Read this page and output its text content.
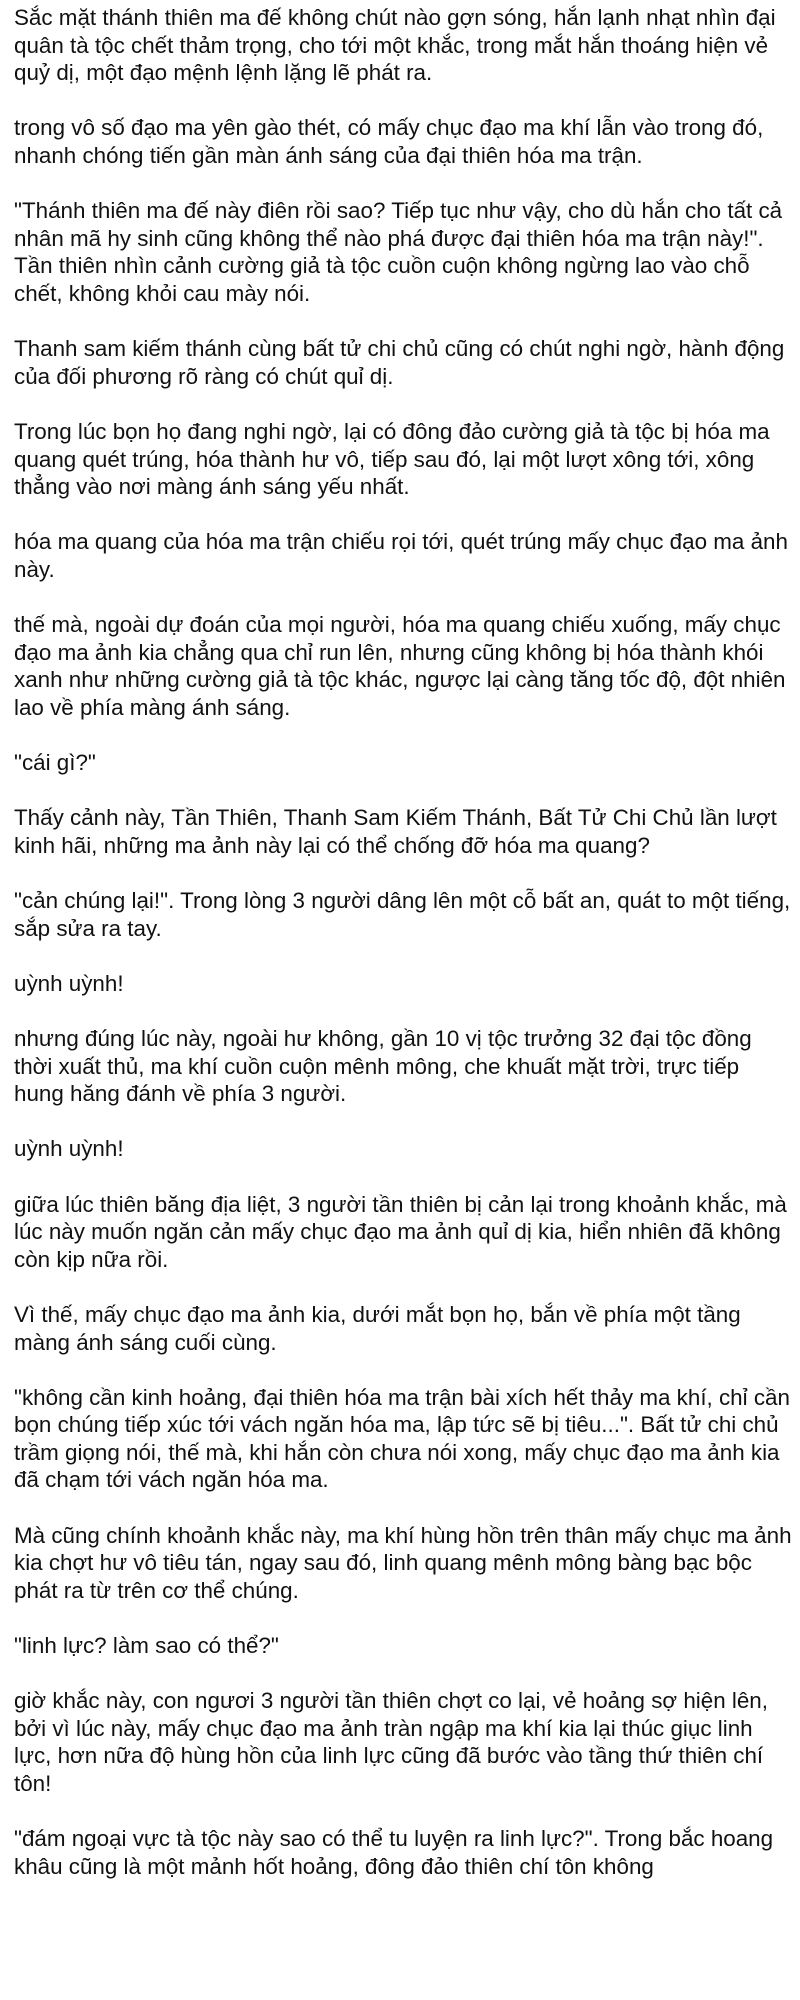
Sắc mặt thánh thiên ma đế không chút nào gợn sóng, hắn lạnh nhạt nhìn đại quân tà tộc chết thảm trọng, cho tới một khắc, trong mắt hắn thoáng hiện vẻ quỷ dị, một đạo mệnh lệnh lặng lẽ phát ra.

trong vô số đạo ma yên gào thét, có mấy chục đạo ma khí lẫn vào trong đó, nhanh chóng tiến gần màn ánh sáng của đại thiên hóa ma trận.

"Thánh thiên ma đế này điên rồi sao? Tiếp tục như vậy, cho dù hắn cho tất cả nhân mã hy sinh cũng không thể nào phá được đại thiên hóa ma trận này!". Tần thiên nhìn cảnh cường giả tà tộc cuồn cuộn không ngừng lao vào chỗ chết, không khỏi cau mày nói.

Thanh sam kiếm thánh cùng bất tử chi chủ cũng có chút nghi ngờ, hành động của đối phương rõ ràng có chút quỉ dị.

Trong lúc bọn họ đang nghi ngờ, lại có đông đảo cường giả tà tộc bị hóa ma quang quét trúng, hóa thành hư vô, tiếp sau đó, lại một lượt xông tới, xông thẳng vào nơi màng ánh sáng yếu nhất.

hóa ma quang của hóa ma trận chiếu rọi tới, quét trúng mấy chục đạo ma ảnh này.

thế mà, ngoài dự đoán của mọi người, hóa ma quang chiếu xuống, mấy chục đạo ma ảnh kia chẳng qua chỉ run lên, nhưng cũng không bị hóa thành khói xanh như những cường giả tà tộc khác, ngược lại càng tăng tốc độ, đột nhiên lao về phía màng ánh sáng.

"cái gì?"

Thấy cảnh này, Tần Thiên, Thanh Sam Kiếm Thánh, Bất Tử Chi Chủ lần lượt kinh hãi, những ma ảnh này lại có thể chống đỡ hóa ma quang?

"cản chúng lại!". Trong lòng 3 người dâng lên một cỗ bất an, quát to một tiếng, sắp sửa ra tay.

uỳnh uỳnh!

nhưng đúng lúc này, ngoài hư không, gần 10 vị tộc trưởng 32 đại tộc đồng thời xuất thủ, ma khí cuồn cuộn mênh mông, che khuất mặt trời, trực tiếp hung hăng đánh về phía 3 người.

uỳnh uỳnh!

giữa lúc thiên băng địa liệt, 3 người tần thiên bị cản lại trong khoảnh khắc, mà lúc này muốn ngăn cản mấy chục đạo ma ảnh quỉ dị kia, hiển nhiên đã không còn kịp nữa rồi.

Vì thế, mấy chục đạo ma ảnh kia, dưới mắt bọn họ, bắn về phía một tầng màng ánh sáng cuối cùng.

"không cần kinh hoảng, đại thiên hóa ma trận bài xích hết thảy ma khí, chỉ cần bọn chúng tiếp xúc tới vách ngăn hóa ma, lập tức sẽ bị tiêu...". Bất tử chi chủ trầm giọng nói, thế mà, khi hắn còn chưa nói xong, mấy chục đạo ma ảnh kia đã chạm tới vách ngăn hóa ma.

Mà cũng chính khoảnh khắc này, ma khí hùng hồn trên thân mấy chục ma ảnh kia chợt hư vô tiêu tán, ngay sau đó, linh quang mênh mông bàng bạc bộc phát ra từ trên cơ thể chúng.

"linh lực? làm sao có thể?"

giờ khắc này, con ngươi 3 người tần thiên chợt co lại, vẻ hoảng sợ hiện lên, bởi vì lúc này, mấy chục đạo ma ảnh tràn ngập ma khí kia lại thúc giục linh lực, hơn nữa độ hùng hồn của linh lực cũng đã bước vào tầng thứ thiên chí tôn!

"đám ngoại vực tà tộc này sao có thể tu luyện ra linh lực?". Trong bắc hoang khâu cũng là một mảnh hốt hoảng, đông đảo thiên chí tôn không
